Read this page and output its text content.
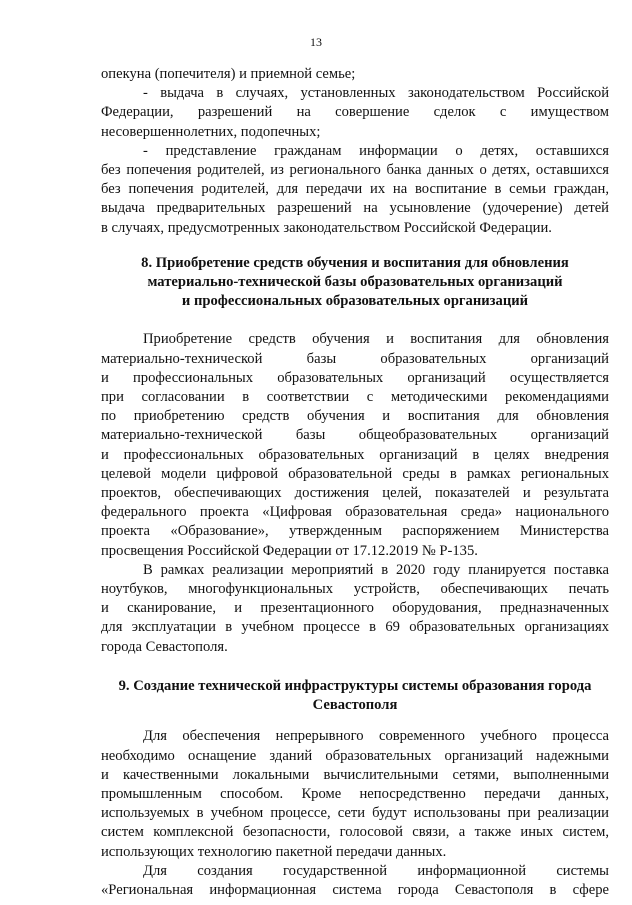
13
опекуна (попечителя) и приемной семье;
- выдача в случаях, установленных законодательством Российской
Федерации, разрешений на совершение сделок с имуществом
несовершеннолетних, подопечных;
- представление гражданам информации о детях, оставшихся
без попечения родителей, из регионального банка данных о детях, оставшихся
без попечения родителей, для передачи их на воспитание в семьи граждан,
выдача предварительных разрешений на усыновление (удочерение) детей
в случаях, предусмотренных законодательством Российской Федерации.
8. Приобретение средств обучения и воспитания для обновления
материально-технической базы образовательных организаций
и профессиональных образовательных организаций
Приобретение средств обучения и воспитания для обновления
материально-технической базы образовательных организаций
и профессиональных образовательных организаций осуществляется
при согласовании в соответствии с методическими рекомендациями
по приобретению средств обучения и воспитания для обновления
материально-технической базы общеобразовательных организаций
и профессиональных образовательных организаций в целях внедрения
целевой модели цифровой образовательной среды в рамках региональных
проектов, обеспечивающих достижения целей, показателей и результата
федерального проекта «Цифровая образовательная среда» национального
проекта «Образование», утвержденным распоряжением Министерства
просвещения Российской Федерации от 17.12.2019 № Р-135.
В рамках реализации мероприятий в 2020 году планируется поставка
ноутбуков, многофункциональных устройств, обеспечивающих печать
и сканирование, и презентационного оборудования, предназначенных
для эксплуатации в учебном процессе в 69 образовательных организациях
города Севастополя.
9. Создание технической инфраструктуры системы образования города
Севастополя
Для обеспечения непрерывного современного учебного процесса
необходимо оснащение зданий образовательных организаций надежными
и качественными локальными вычислительными сетями, выполненными
промышленным способом. Кроме непосредственно передачи данных,
используемых в учебном процессе, сети будут использованы при реализации
систем комплексной безопасности, голосовой связи, а также иных систем,
использующих технологию пакетной передачи данных.
Для создания государственной информационной системы
«Региональная информационная система города Севастополя в сфере
